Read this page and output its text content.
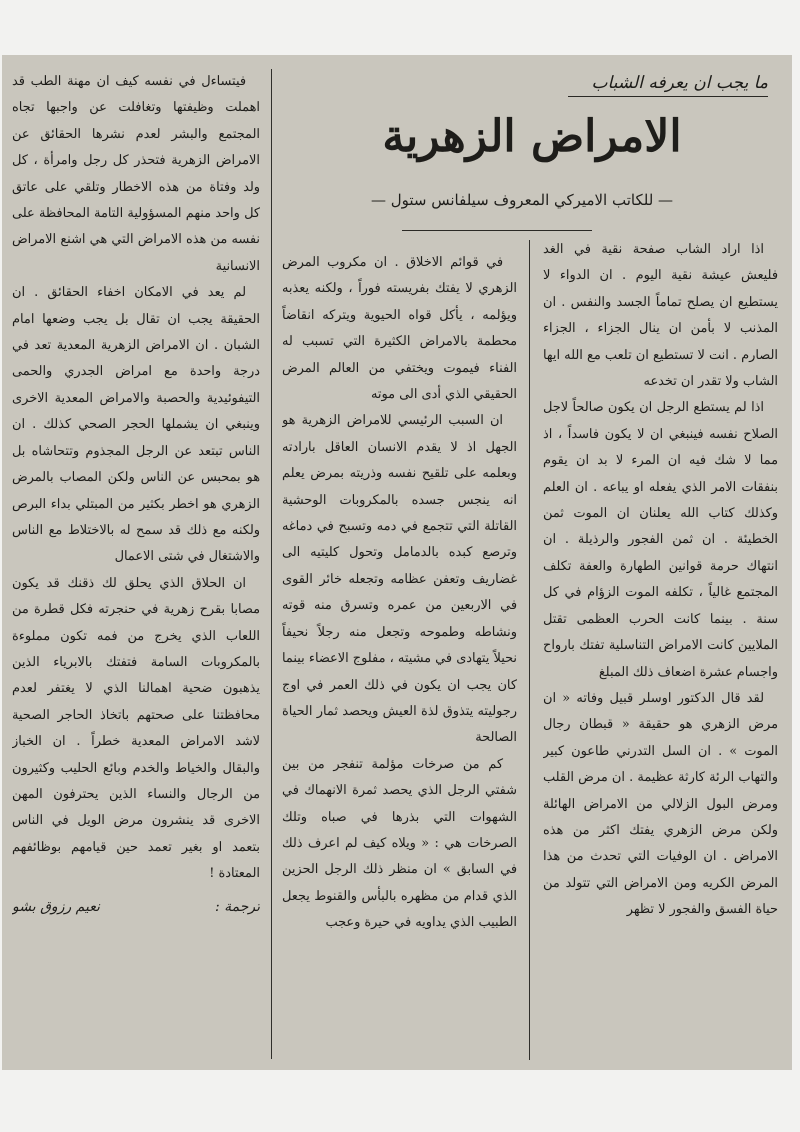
ما يجب ان يعرفه الشباب
الامراض الزهرية
— للكاتب الاميركي المعروف سيلفانس ستول —

اذا اراد الشاب صفحة نقية في الغد فليعش عيشة نقية اليوم . ان الدواء لا يستطيع ان يصلح تماماً الجسد والنفس . ان المذنب لا بأمن ان ينال الجزاء ، الجزاء الصارم . انت لا تستطيع ان تلعب مع الله ايها الشاب ولا تقدر ان تخدعه

اذا لم يستطع الرجل ان يكون صالحاً لاجل الصلاح نفسه فينبغي ان لا يكون فاسداً ، اذ مما لا شك فيه ان المرء لا بد ان يقوم بنفقات الامر الذي يفعله او يباعه . ان العلم وكذلك كتاب الله يعلنان ان الموت ثمن الخطيئة . ان ثمن الفجور والرذيلة . ان انتهاك حرمة قوانين الطهارة والعفة تكلف المجتمع غالياً ، تكلفه الموت الزؤام في كل سنة . بينما كانت الحرب العظمى تقتل الملايين كانت الامراض التناسلية تفتك بارواح واجسام عشرة اضعاف ذلك المبلغ

لقد قال الدكتور اوسلر قبيل وفاته « ان مرض الزهري هو حقيقة « قبطان رجال الموت » . ان السل التدرني طاعون كبير والتهاب الرئة كارثة عظيمة . ان مرض القلب ومرض البول الزلالي من الامراض الهائلة ولكن مرض الزهري يفتك اكثر من هذه الامراض . ان الوفيات التي تحدث من هذا المرض الكريه ومن الامراض التي تتولد من حياة الفسق والفجور لا تظهر

في قوائم الاخلاق . ان مكروب المرض الزهري لا يفتك بفريسته فوراً ، ولكنه يعذبه ويؤلمه ، يأكل قواه الحيوية ويتركه انقاضاً محطمة بالامراض الكثيرة التي تسبب له الفناء فيموت ويختفي من العالم المرض الحقيقي الذي أدى الى موته

ان السبب الرئيسي للامراض الزهرية هو الجهل اذ لا يقدم الانسان العاقل بارادته وبعلمه على تلقيح نفسه وذريته بمرض يعلم انه ينجس جسده بالمكروبات الوحشية القاتلة التي تتجمع في دمه وتسبح في دماغه وترصع كبده بالدمامل وتحول كليتيه الى غضاريف وتعفن عظامه وتجعله خائر القوى في الاربعين من عمره وتسرق منه قوته ونشاطه وطموحه وتجعل منه رجلاً نحيفاً نحيلاً يتهادى في مشيته ، مفلوج الاعضاء بينما كان يجب ان يكون في ذلك العمر في اوج رجوليته يتذوق لذة العيش ويحصد ثمار الحياة الصالحة

كم من صرخات مؤلمة تنفجر من بين شفتي الرجل الذي يحصد ثمرة الانهماك في الشهوات التي بذرها في صباه وتلك الصرخات هي : « ويلاه كيف لم اعرف ذلك في السابق » ان منظر ذلك الرجل الحزين الذي قدام من مظهره بالبأس والقنوط يجعل الطبيب الذي يداويه في حيرة وعجب

فيتساءل في نفسه كيف ان مهنة الطب قد اهملت وظيفتها وتغافلت عن واجبها تجاه المجتمع والبشر لعدم نشرها الحقائق عن الامراض الزهرية فتحذر كل رجل وامرأة ، كل ولد وفتاة من هذه الاخطار وتلقي على عاتق كل واحد منهم المسؤولية التامة المحافظة على نفسه من هذه الامراض التي هي اشنع الامراض الانسانية

لم يعد في الامكان اخفاء الحقائق . ان الحقيقة يجب ان تقال بل يجب وضعها امام الشبان . ان الامراض الزهرية المعدية تعد في درجة واحدة مع امراض الجدري والحمى التيفوئيدية والحصبة والامراض المعدية الاخرى وينبغي ان يشملها الحجر الصحي كذلك . ان الناس تبتعد عن الرجل المجذوم وتتحاشاه بل هو بمحبس عن الناس ولكن المصاب بالمرض الزهري هو اخطر بكثير من المبتلي بداء البرص ولكنه مع ذلك قد سمح له بالاختلاط مع الناس والاشتغال في شتى الاعمال

ان الحلاق الذي يحلق لك ذقنك قد يكون مصابا بقرح زهرية في حنجرته فكل قطرة من اللعاب الذي يخرج من فمه تكون مملوءة بالمكروبات السامة فتفتك بالابرياء الذين يذهبون ضحية اهمالنا الذي لا يغتفر لعدم محافظتنا على صحتهم باتخاذ الحاجر الصحية لاشد الامراض المعدية خطراً . ان الخباز والبقال والخياط والخدم وبائع الحليب وكثيرون من الرجال والنساء الذين يحترفون المهن الاخرى قد ينشرون مرض الويل في الناس بتعمد او بغير تعمد حين قيامهم بوظائفهم المعتادة !

ترجمة :
نعيم رزوق بشو
